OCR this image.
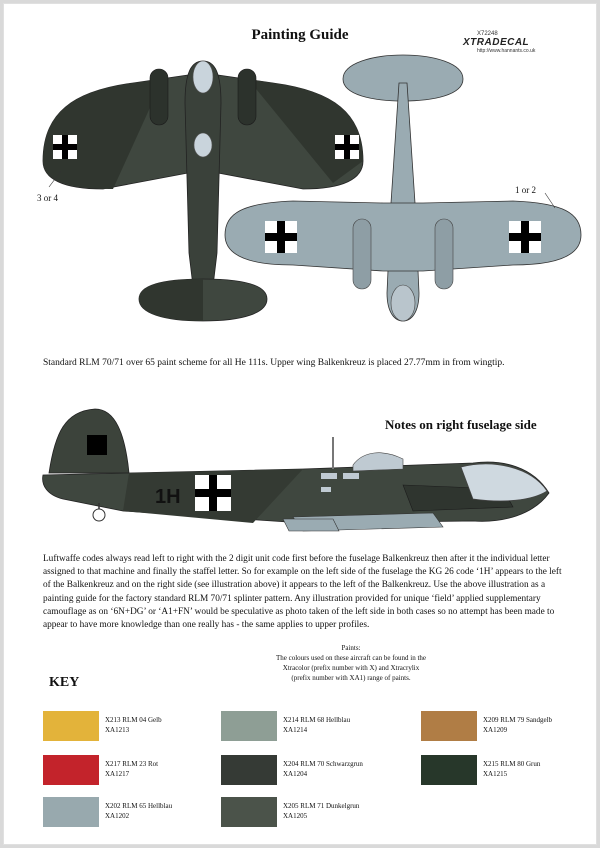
Painting Guide	X72248
XTRADECAL
http://www.hannants.co.uk
3 or 4
1 or 2
Standard RLM 70/71 over 65 paint scheme for all He 111s. Upper wing Balkenkreuz is placed 27.77mm in from wingtip.
Notes on right fuselage side
1H

Luftwaffe codes always read left to right with the 2 digit unit code first before the fuselage Balkenkreuz then after it the individual letter assigned to that machine and finally the staffel letter. So for example on the left side of the fuselage the KG 26 code ‘1H’ appears to the left of the Balkenkreuz and on the right side (see illustration above) it appears to the left of the Balkenkreuz. Use the above illustration as a painting guide for the factory standard RLM 70/71 splinter pattern. Any illustration provided for unique ‘field’ applied supplementary camouflage as on ‘6N+DG’ or ‘A1+FN’ would be speculative as photo taken of the left side in both cases so no attempt has been made to appear to have more knowledge than one really has - the same applies to upper profiles.

Paints:
The colours used on these aircraft can be found in the
Xtracolor (prefix number with X) and Xtracrylix
(prefix number with XA1) range of paints.
KEY
X213 RLM 04 Gelb
XA1213
X217 RLM 23 Rot
XA1217
X202 RLM 65 Hellblau
XA1202
X214 RLM 68 Hellblau
XA1214
X204 RLM 70 Schwarzgrun
XA1204
X205 RLM 71 Dunkelgrun
XA1205
X209 RLM 79 Sandgelb
XA1209
X215 RLM 80 Grun
XA1215
